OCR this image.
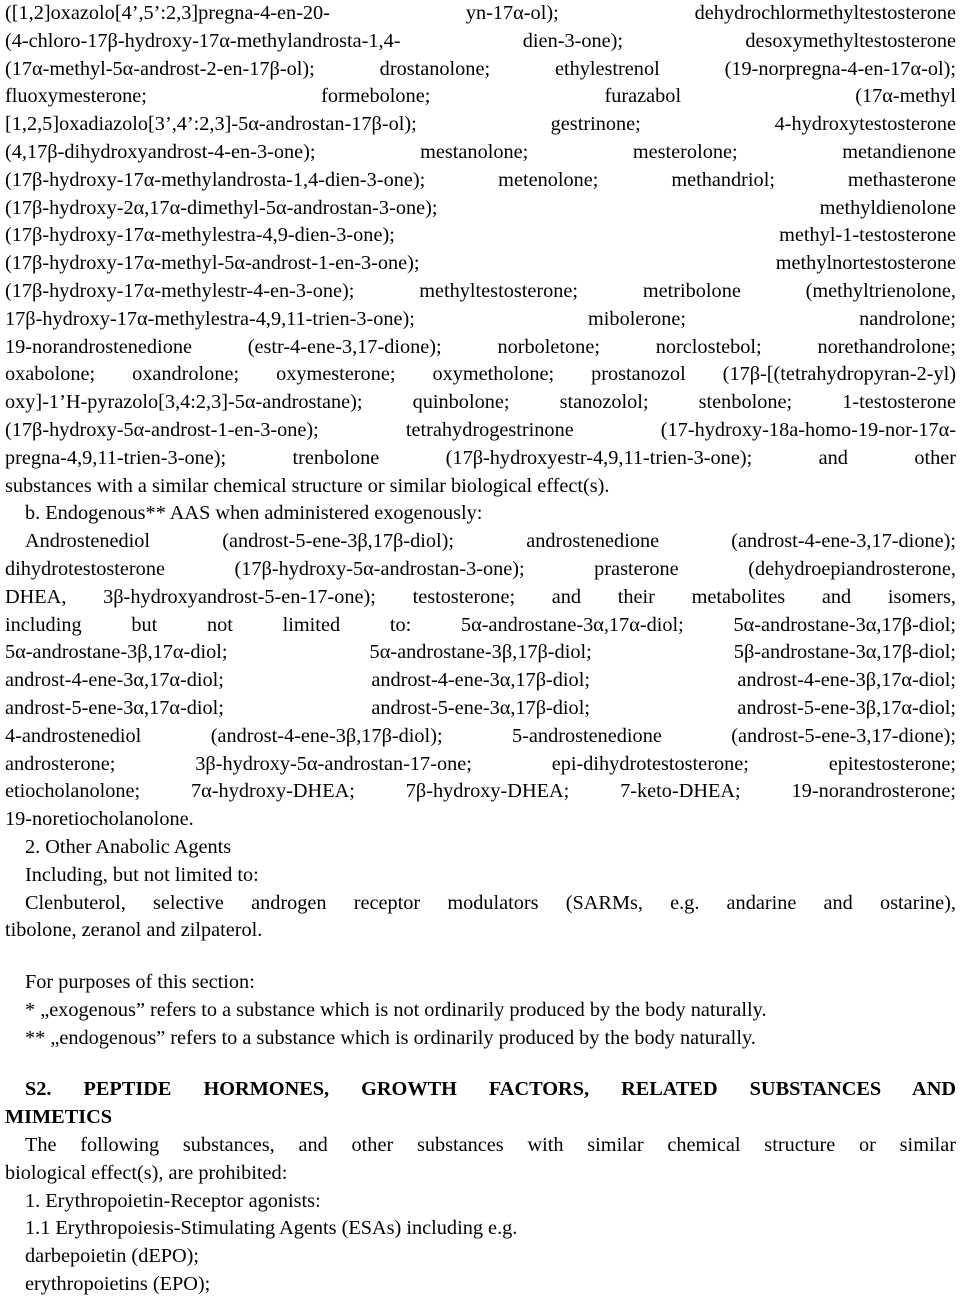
([1,2]oxazolo[4’,5’:2,3]pregna-4-en-20- yn-17α-ol); dehydrochlormethyltestosterone
(4-chloro-17β-hydroxy-17α-methylandrosta-1,4- dien-3-one); desoxymethyltestosterone
(17α-methyl-5α-androst-2-en-17β-ol); drostanolone; ethylestrenol (19-norpregna-4-en-17α-ol);
fluoxymesterone; formebolone; furazabol (17α-methyl
[1,2,5]oxadiazolo[3’,4’:2,3]-5α-androstan-17β-ol); gestrinone; 4-hydroxytestosterone
(4,17β-dihydroxyandrost-4-en-3-one); mestanolone; mesterolone; metandienone
(17β-hydroxy-17α-methylandrosta-1,4-dien-3-one); metenolone; methandriol; methasterone
(17β-hydroxy-2α,17α-dimethyl-5α-androstan-3-one); methyldienolone
(17β-hydroxy-17α-methylestra-4,9-dien-3-one); methyl-1-testosterone
(17β-hydroxy-17α-methyl-5α-androst-1-en-3-one); methylnortestosterone
(17β-hydroxy-17α-methylestr-4-en-3-one); methyltestosterone; metribolone (methyltrienolone,
17β-hydroxy-17α-methylestra-4,9,11-trien-3-one); mibolerone; nandrolone;
19-norandrostenedione (estr-4-ene-3,17-dione); norboletone; norclostebol; norethandrolone;
oxabolone; oxandrolone; oxymesterone; oxymetholone; prostanozol (17β-[(tetrahydropyran-2-yl)
oxy]-1’H-pyrazolo[3,4:2,3]-5α-androstane); quinbolone; stanozolol; stenbolone; 1-testosterone
(17β-hydroxy-5α-androst-1-en-3-one); tetrahydrogestrinone (17-hydroxy-18a-homo-19-nor-17α-
pregna-4,9,11-trien-3-one); trenbolone (17β-hydroxyestr-4,9,11-trien-3-one); and other
substances with a similar chemical structure or similar biological effect(s).
b. Endogenous** AAS when administered exogenously:
Androstenediol (androst-5-ene-3β,17β-diol); androstenedione (androst-4-ene-3,17-dione);
dihydrotestosterone (17β-hydroxy-5α-androstan-3-one); prasterone (dehydroepiandrosterone,
DHEA, 3β-hydroxyandrost-5-en-17-one); testosterone; and their metabolites and isomers,
including but not limited to: 5α-androstane-3α,17α-diol; 5α-androstane-3α,17β-diol;
5α-androstane-3β,17α-diol; 5α-androstane-3β,17β-diol; 5β-androstane-3α,17β-diol;
androst-4-ene-3α,17α-diol; androst-4-ene-3α,17β-diol; androst-4-ene-3β,17α-diol;
androst-5-ene-3α,17α-diol; androst-5-ene-3α,17β-diol; androst-5-ene-3β,17α-diol;
4-androstenediol (androst-4-ene-3β,17β-diol); 5-androstenedione (androst-5-ene-3,17-dione);
androsterone; 3β-hydroxy-5α-androstan-17-one; epi-dihydrotestosterone; epitestosterone;
etiocholanolone; 7α-hydroxy-DHEA; 7β-hydroxy-DHEA; 7-keto-DHEA; 19-norandrosterone;
19-noretiocholanolone.
2. Other Anabolic Agents
Including, but not limited to:
Clenbuterol, selective androgen receptor modulators (SARMs, e.g. andarine and ostarine),
tibolone, zeranol and zilpaterol.
For purposes of this section:
* „exogenous” refers to a substance which is not ordinarily produced by the body naturally.
** „endogenous” refers to a substance which is ordinarily produced by the body naturally.
S2. PEPTIDE HORMONES, GROWTH FACTORS, RELATED SUBSTANCES AND
MIMETICS
The following substances, and other substances with similar chemical structure or similar
biological effect(s), are prohibited:
1. Erythropoietin-Receptor agonists:
1.1 Erythropoiesis-Stimulating Agents (ESAs) including e.g.
darbepoietin (dEPO);
erythropoietins (EPO);
